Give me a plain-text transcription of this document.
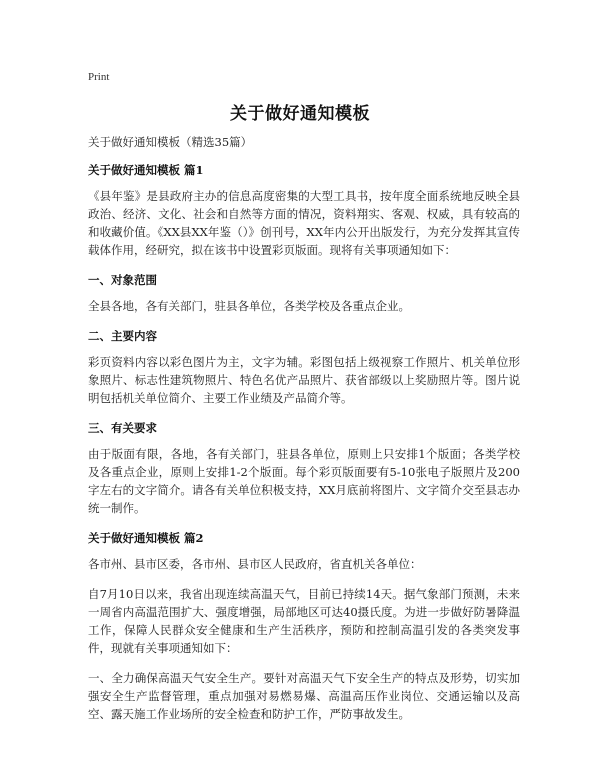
Print
关于做好通知模板

关于做好通知模板（精选35篇）

关于做好通知模板 篇1

《县年鉴》是县政府主办的信息高度密集的大型工具书，按年度全面系统地反映全县政治、经济、文化、社会和自然等方面的情况，资料翔实、客观、权威，具有较高的和收藏价值。《XX县XX年鉴（）》创刊号，XX年内公开出版发行，为充分发挥其宣传载体作用，经研究，拟在该书中设置彩页版面。现将有关事项通知如下：

一、对象范围

全县各地，各有关部门，驻县各单位，各类学校及各重点企业。

二、主要内容

彩页资料内容以彩色图片为主，文字为辅。彩图包括上级视察工作照片、机关单位形象照片、标志性建筑物照片、特色名优产品照片、获省部级以上奖励照片等。图片说明包括机关单位简介、主要工作业绩及产品简介等。

三、有关要求

由于版面有限，各地，各有关部门，驻县各单位，原则上只安排1个版面；各类学校及各重点企业，原则上安排1-2个版面。每个彩页版面要有5-10张电子版照片及200字左右的文字简介。请各有关单位积极支持，XX月底前将图片、文字简介交至县志办统一制作。

关于做好通知模板 篇2

各市州、县市区委，各市州、县市区人民政府，省直机关各单位：

自7月10日以来，我省出现连续高温天气，目前已持续14天。据气象部门预测，未来一周省内高温范围扩大、强度增强，局部地区可达40摄氏度。为进一步做好防暑降温工作，保障人民群众安全健康和生产生活秩序，预防和控制高温引发的各类突发事件，现就有关事项通知如下：

一、全力确保高温天气安全生产。要针对高温天气下安全生产的特点及形势，切实加强安全生产监督管理，重点加强对易燃易爆、高温高压作业岗位、交通运输以及高空、露天施工作业场所的安全检查和防护工作，严防事故发生。
